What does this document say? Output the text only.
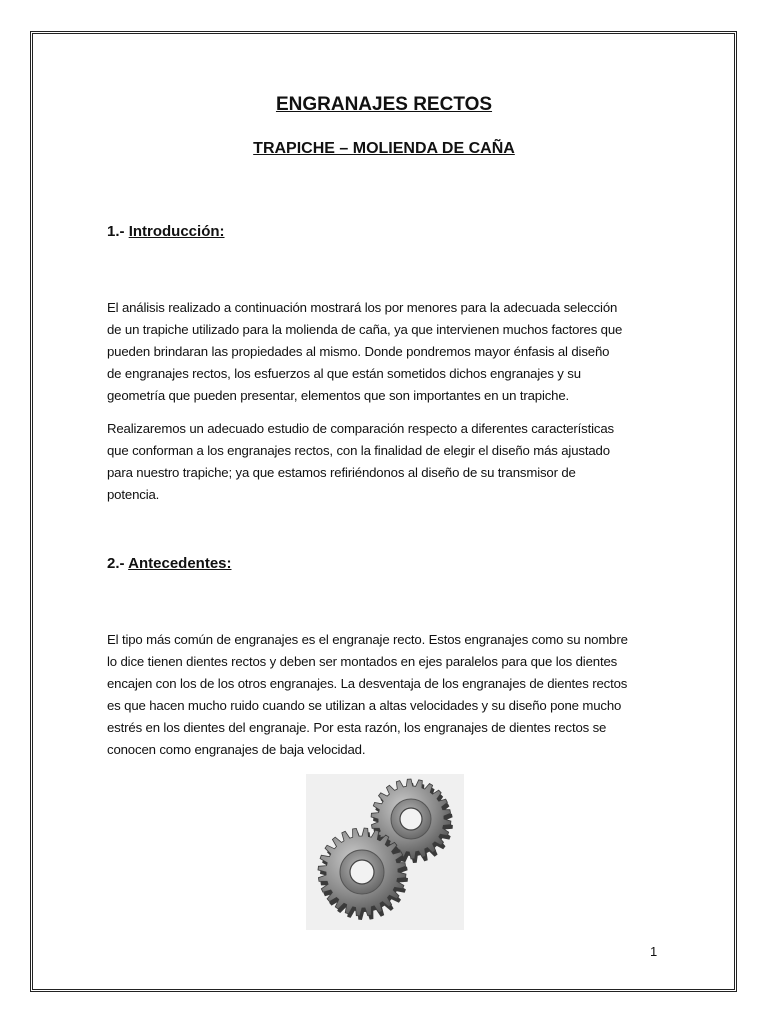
ENGRANAJES RECTOS
TRAPICHE – MOLIENDA DE CAÑA
1.- Introducción:
El análisis realizado a continuación mostrará los por menores para la adecuada selección
de un trapiche utilizado para la molienda de caña, ya que intervienen muchos factores que
pueden brindaran las propiedades al mismo. Donde pondremos mayor énfasis al diseño
de engranajes rectos, los esfuerzos al que están sometidos dichos engranajes y su
geometría que pueden presentar, elementos que son importantes en un trapiche.
Realizaremos un adecuado estudio de comparación respecto a diferentes características
que conforman a los engranajes rectos, con la finalidad de elegir el diseño más ajustado
para nuestro trapiche; ya que estamos refiriéndonos al diseño de su transmisor de
potencia.
2.- Antecedentes:
El tipo más común de engranajes es el engranaje recto. Estos engranajes como su nombre
lo dice tienen dientes rectos y deben ser montados en ejes paralelos para que los dientes
encajen con los de los otros engranajes. La desventaja de los engranajes de dientes rectos
es que hacen mucho ruido cuando se utilizan a altas velocidades y su diseño pone mucho
estrés en los dientes del engranaje. Por esta razón, los engranajes de dientes rectos se
conocen como engranajes de baja velocidad.
1
